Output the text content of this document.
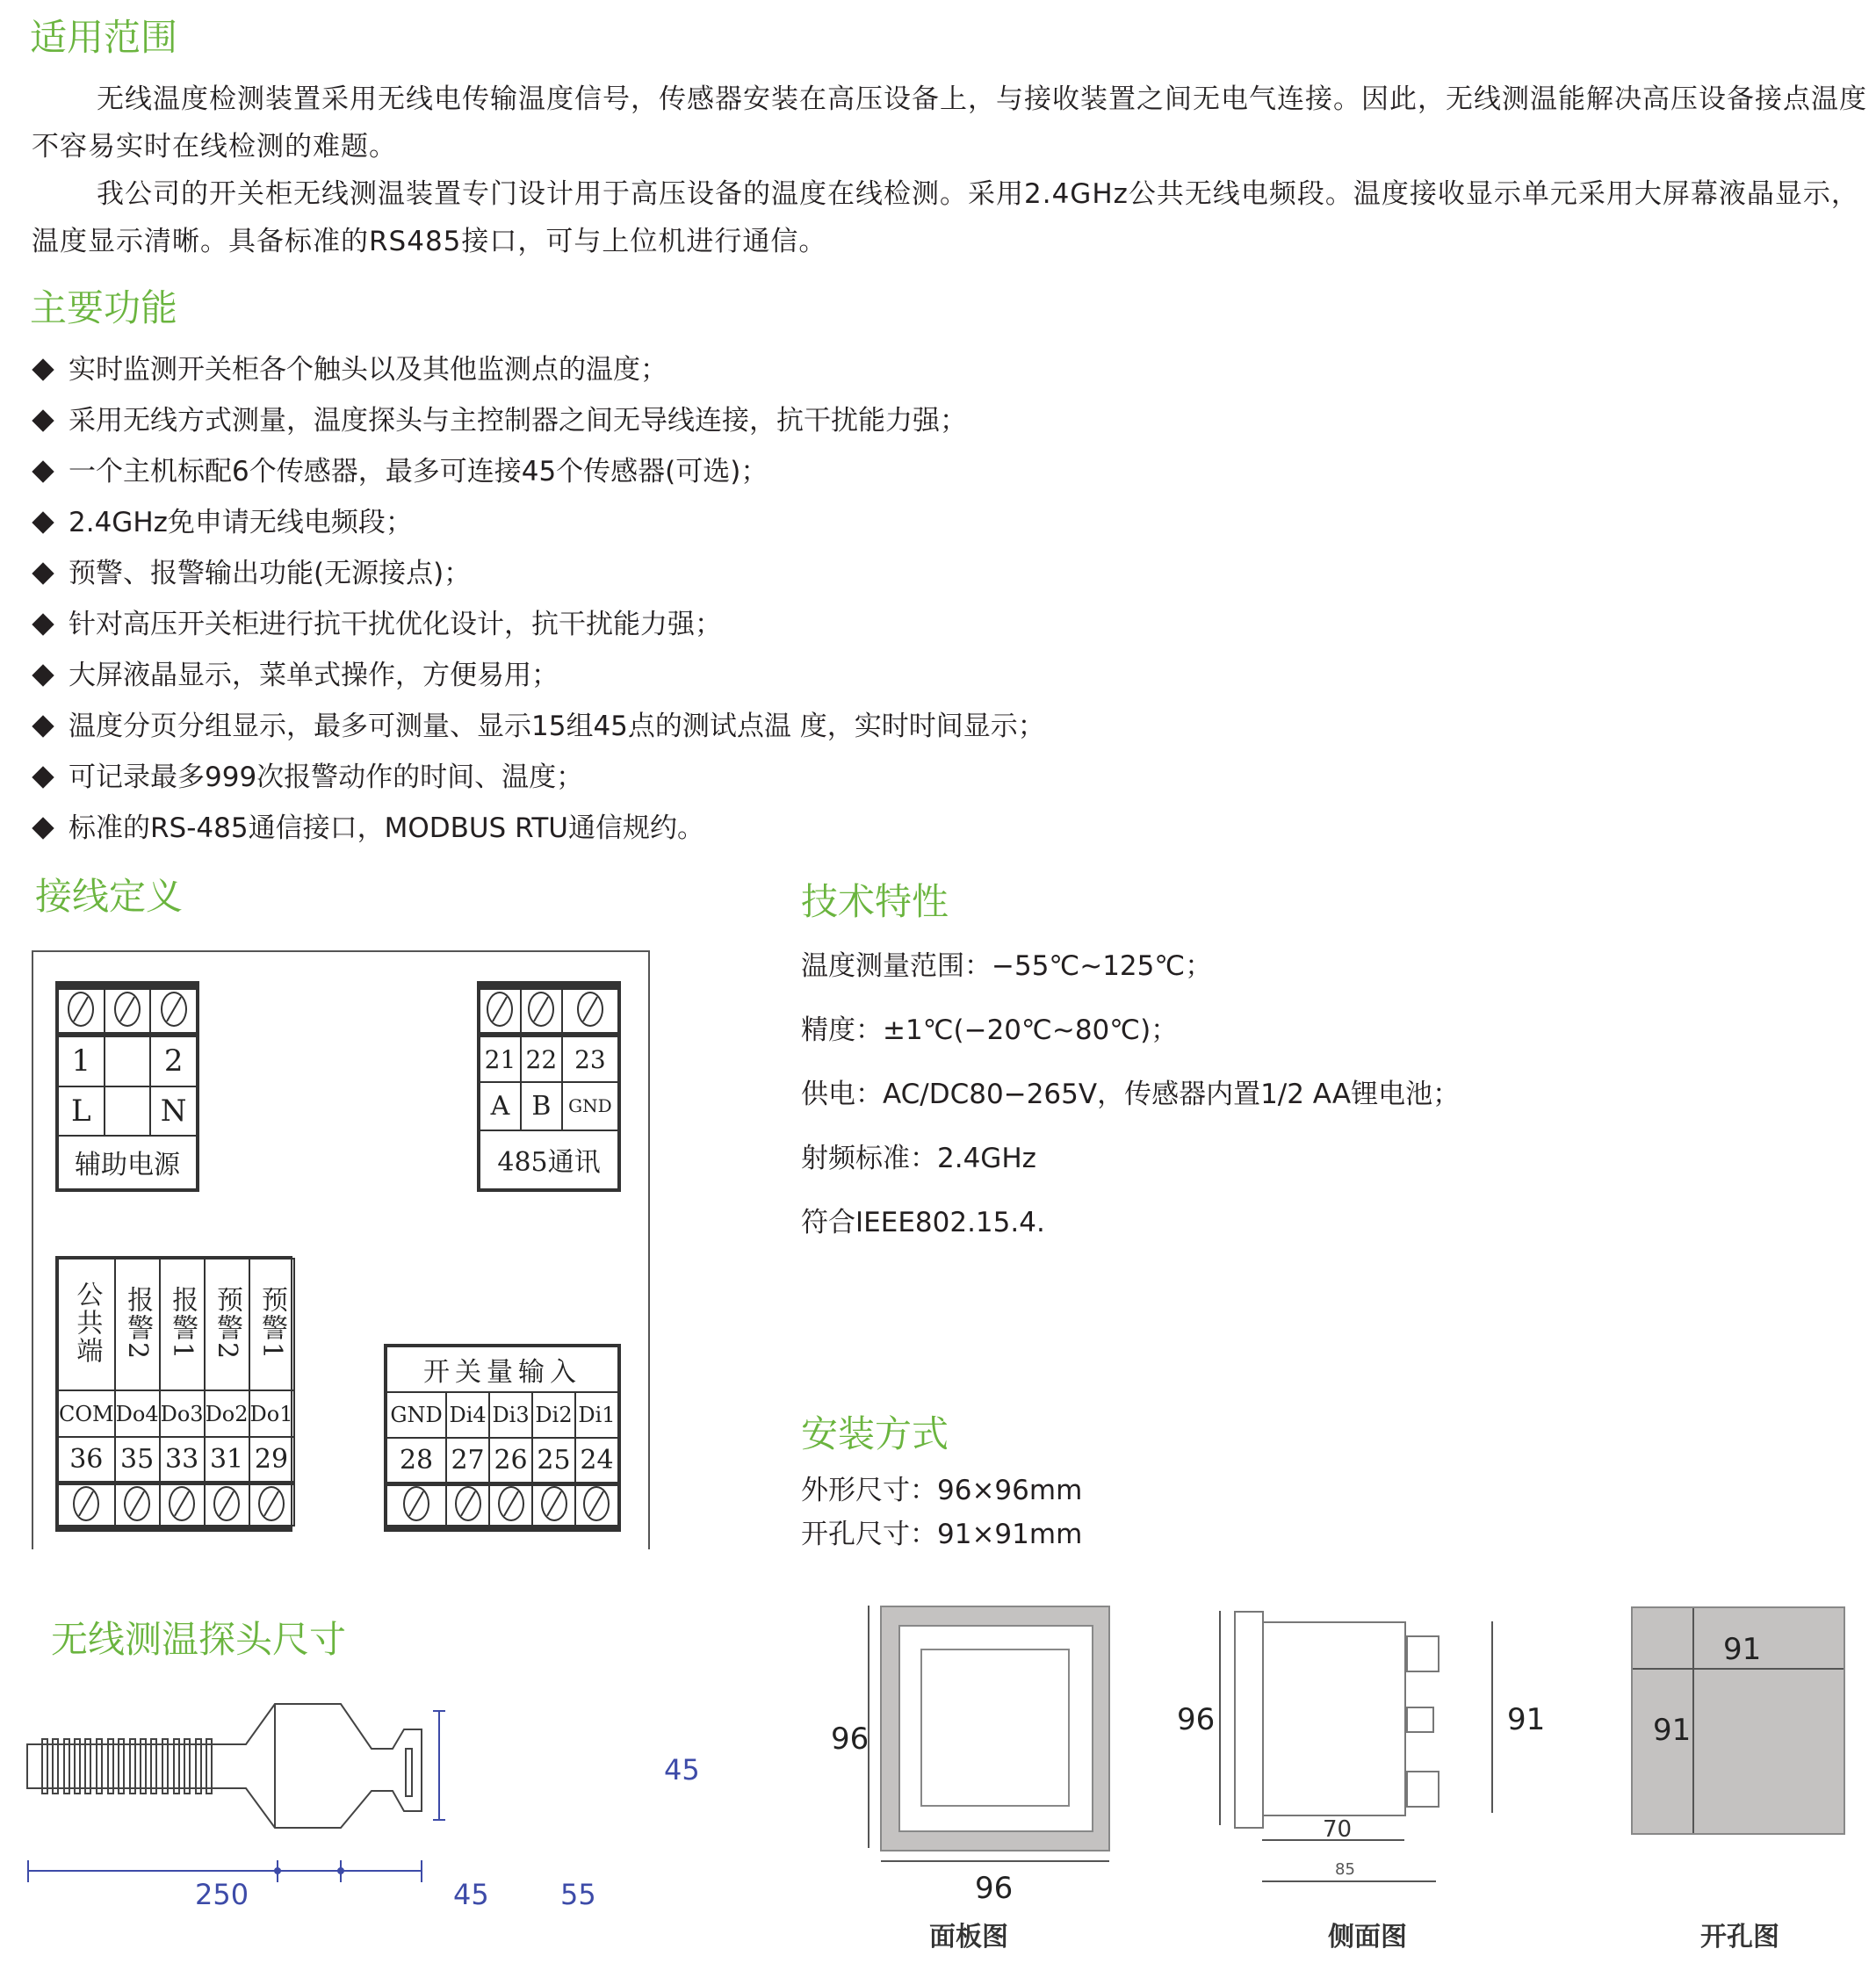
适用范围

无线温度检测装置采用无线电传输温度信号，传感器安装在高压设备上，与接收装置之间无电气连接。因此，无线测温能解决高压设备接点温度不容易实时在线检测的难题。

我公司的开关柜无线测温装置专门设计用于高压设备的温度在线检测。采用2.4GHz公共无线电频段。温度接收显示单元采用大屏幕液晶显示，温度显示清晰。具备标准的RS485接口，可与上位机进行通信。

主要功能
实时监测开关柜各个触头以及其他监测点的温度；
采用无线方式测量，温度探头与主控制器之间无导线连接，抗干扰能力强；
一个主机标配6个传感器，最多可连接45个传感器(可选)；
2.4GHz免申请无线电频段；
预警、报警输出功能(无源接点)；
针对高压开关柜进行抗干扰优化设计，抗干扰能力强；
大屏液晶显示，菜单式操作，方便易用；
温度分页分组显示，最多可测量、显示15组45点的测试点温 度，实时时间显示；
可记录最多999次报警动作的时间、温度；
标准的RS-485通信接口，MODBUS RTU通信规约。
接线定义

1		2
L		N
辅助电源		

21	22	23
A	B	GND
485通讯		
公共端	报警2	报警1	预警2	预警1
COM	Do4	Do3	Do2	Do1
36	35	33	31	29

开关量输入				
GND	Di4	Di3	Di2	Di1
28	27	26	25	24

技术特性
温度测量范围：−55℃~125℃；
精度：±1℃(−20℃~80℃)；
供电：AC/DC80−265V，传感器内置1/2 AA锂电池；
射频标准：2.4GHz
符合IEEE802.15.4.
安装方式
外形尺寸：96×96mm
开孔尺寸：91×91mm
无线测温探头尺寸
250	45	55
45
96
96
面板图
96	91
70
85
侧面图
91
91
开孔图
